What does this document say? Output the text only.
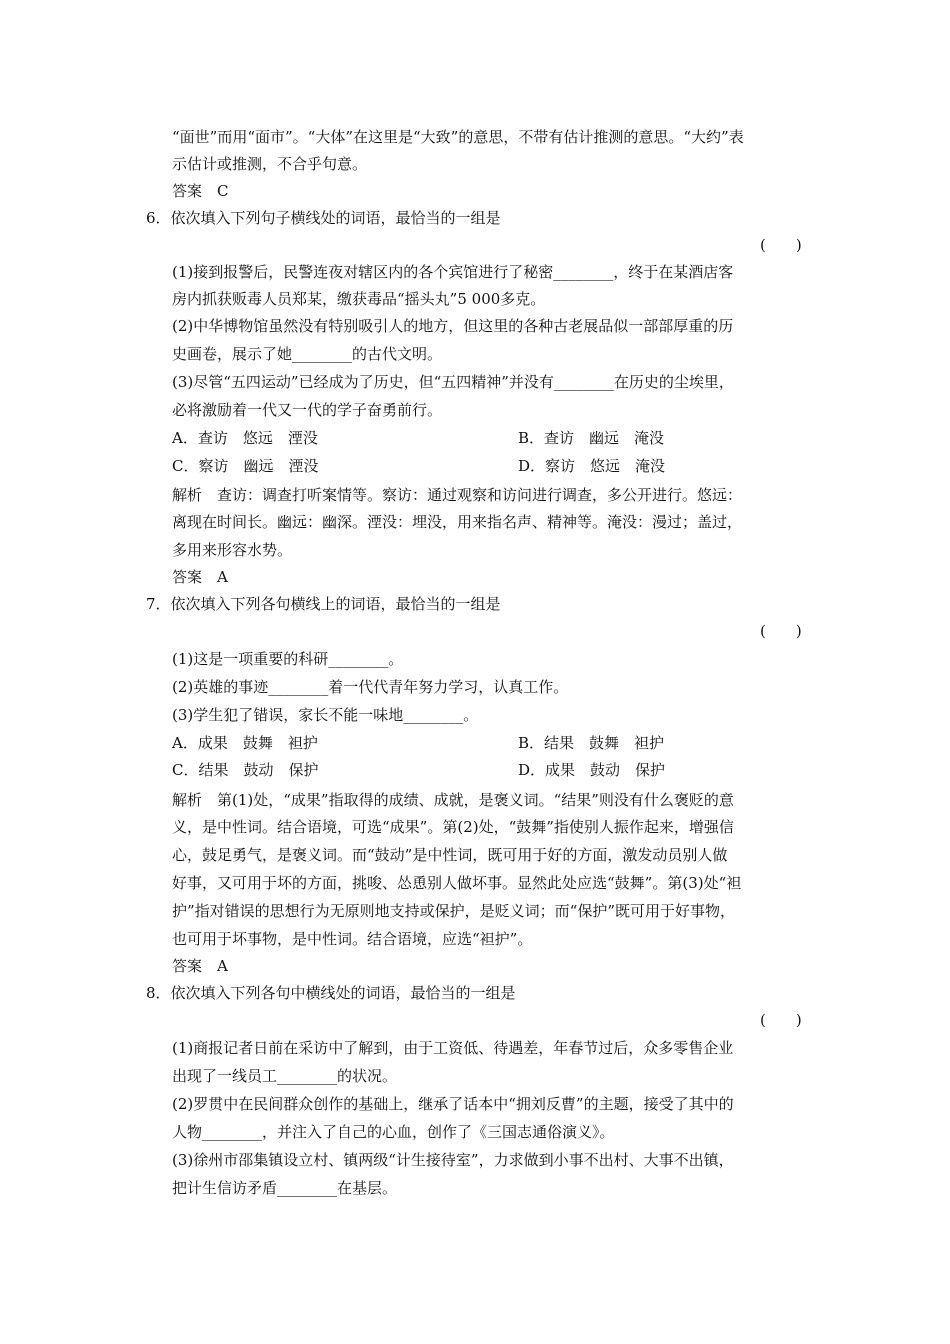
“面世”而用“面市”。“大体”在这里是“大致”的意思，不带有估计推测的意思。“大约”表
示估计或推测，不合乎句意。
答案　C
6．依次填入下列句子横线处的词语，最恰当的一组是
(　　)
(1)接到报警后，民警连夜对辖区内的各个宾馆进行了秘密________，终于在某酒店客
房内抓获贩毒人员郑某，缴获毒品“摇头丸”5 000多克。
(2)中华博物馆虽然没有特别吸引人的地方，但这里的各种古老展品似一部部厚重的历
史画卷，展示了她________的古代文明。
(3)尽管“五四运动”已经成为了历史，但“五四精神”并没有________在历史的尘埃里，
必将激励着一代又一代的学子奋勇前行。
A．查访　悠远　湮没	B．查访　幽远　淹没
C．察访　幽远　湮没	D．察访　悠远　淹没
解析　查访：调查打听案情等。察访：通过观察和访问进行调查，多公开进行。悠远：
离现在时间长。幽远：幽深。湮没：埋没，用来指名声、精神等。淹没：漫过；盖过，
多用来形容水势。
答案　A
7．依次填入下列各句横线上的词语，最恰当的一组是
(　　)
(1)这是一项重要的科研________。
(2)英雄的事迹________着一代代青年努力学习，认真工作。
(3)学生犯了错误，家长不能一味地________。
A．成果　鼓舞　袒护	B．结果　鼓舞　袒护
C．结果　鼓动　保护	D．成果　鼓动　保护
解析　第(1)处，“成果”指取得的成绩、成就，是褒义词。“结果”则没有什么褒贬的意
义，是中性词。结合语境，可选“成果”。第(2)处，“鼓舞”指使别人振作起来，增强信
心，鼓足勇气，是褒义词。而“鼓动”是中性词，既可用于好的方面，激发动员别人做
好事，又可用于坏的方面，挑唆、怂恿别人做坏事。显然此处应选“鼓舞”。第(3)处“袒
护”指对错误的思想行为无原则地支持或保护，是贬义词；而“保护”既可用于好事物，
也可用于坏事物，是中性词。结合语境，应选“袒护”。
答案　A
8．依次填入下列各句中横线处的词语，最恰当的一组是
(　　)
(1)商报记者日前在采访中了解到，由于工资低、待遇差，年春节过后，众多零售企业
出现了一线员工________的状况。
(2)罗贯中在民间群众创作的基础上，继承了话本中“拥刘反曹”的主题，接受了其中的
人物________，并注入了自己的心血，创作了《三国志通俗演义》。
(3)徐州市邵集镇设立村、镇两级“计生接待室”，力求做到小事不出村、大事不出镇，
把计生信访矛盾________在基层。
